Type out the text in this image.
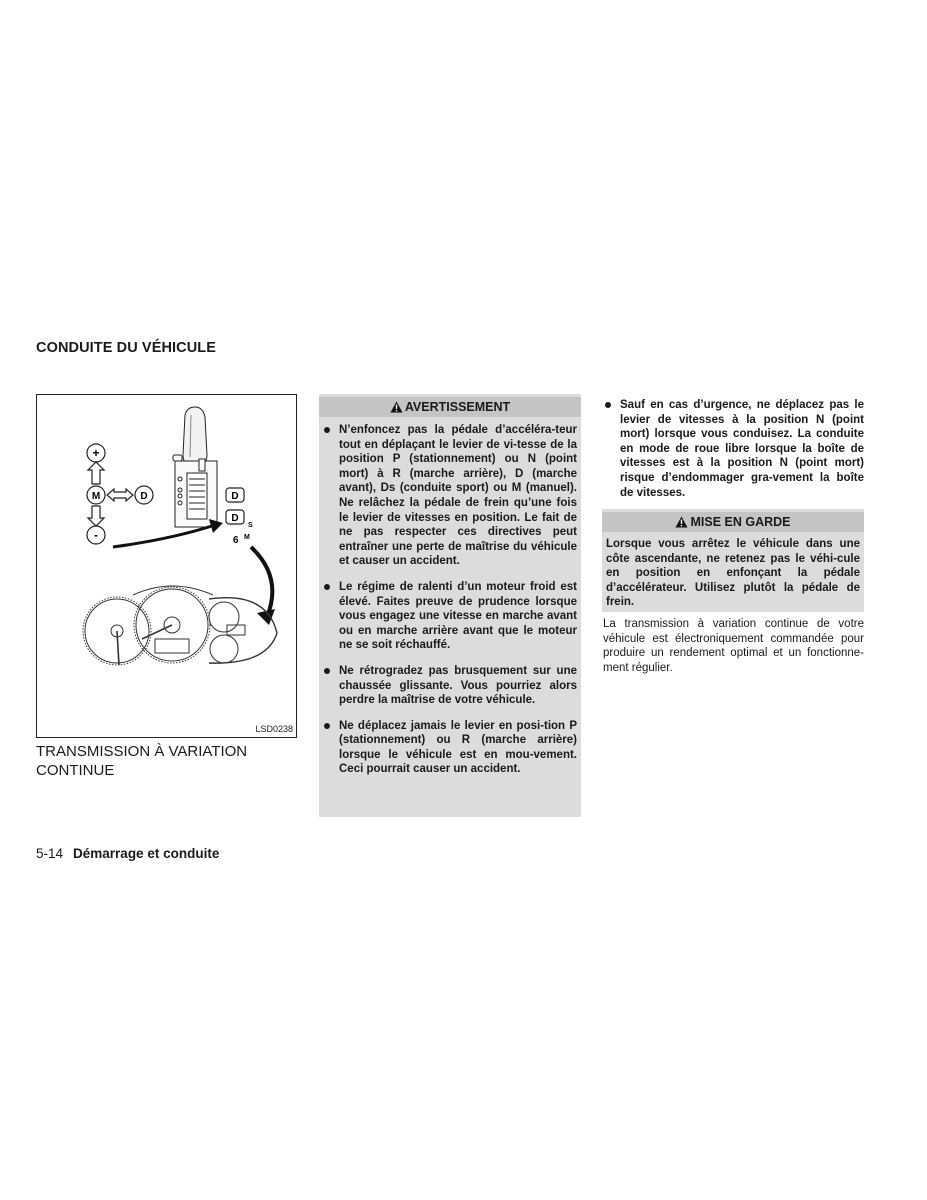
CONDUITE DU VÉHICULE
+
M	D
-
D
D
S
6 M
LSD0238
TRANSMISSION À VARIATION CONTINUE
AVERTISSEMENT
N’enfoncez pas la pédale d’accéléra-teur tout en déplaçant le levier de vi-tesse de la position P (stationnement) ou N (point mort) à R (marche arrière), D (marche avant), Ds (conduite sport) ou M (manuel). Ne relâchez la pédale de frein qu’une fois le levier de vitesses en position. Le fait de ne pas respecter ces directives peut entraîner une perte de maîtrise du véhicule et causer un accident.
Le régime de ralenti d’un moteur froid est élevé. Faites preuve de prudence lorsque vous engagez une vitesse en marche avant ou en marche arrière avant que le moteur ne se soit réchauffé.
Ne rétrogradez pas brusquement sur une chaussée glissante. Vous pourriez alors perdre la maîtrise de votre véhicule.
Ne déplacez jamais le levier en posi-tion P (stationnement) ou R (marche arrière) lorsque le véhicule est en mou-vement. Ceci pourrait causer un accident.
Sauf en cas d’urgence, ne déplacez pas le levier de vitesses à la position N (point mort) lorsque vous conduisez. La conduite en mode de roue libre lorsque la boîte de vitesses est à la position N (point mort) risque d’endommager gra-vement la boîte de vitesses.
MISE EN GARDE

Lorsque vous arrêtez le véhicule dans une côte ascendante, ne retenez pas le véhi-cule en position en enfonçant la pédale d’accélérateur. Utilisez plutôt la pédale de frein.

La transmission à variation continue de votre véhicule est électroniquement commandée pour produire un rendement optimal et un fonctionne-ment régulier.

5-14 Démarrage et conduite
